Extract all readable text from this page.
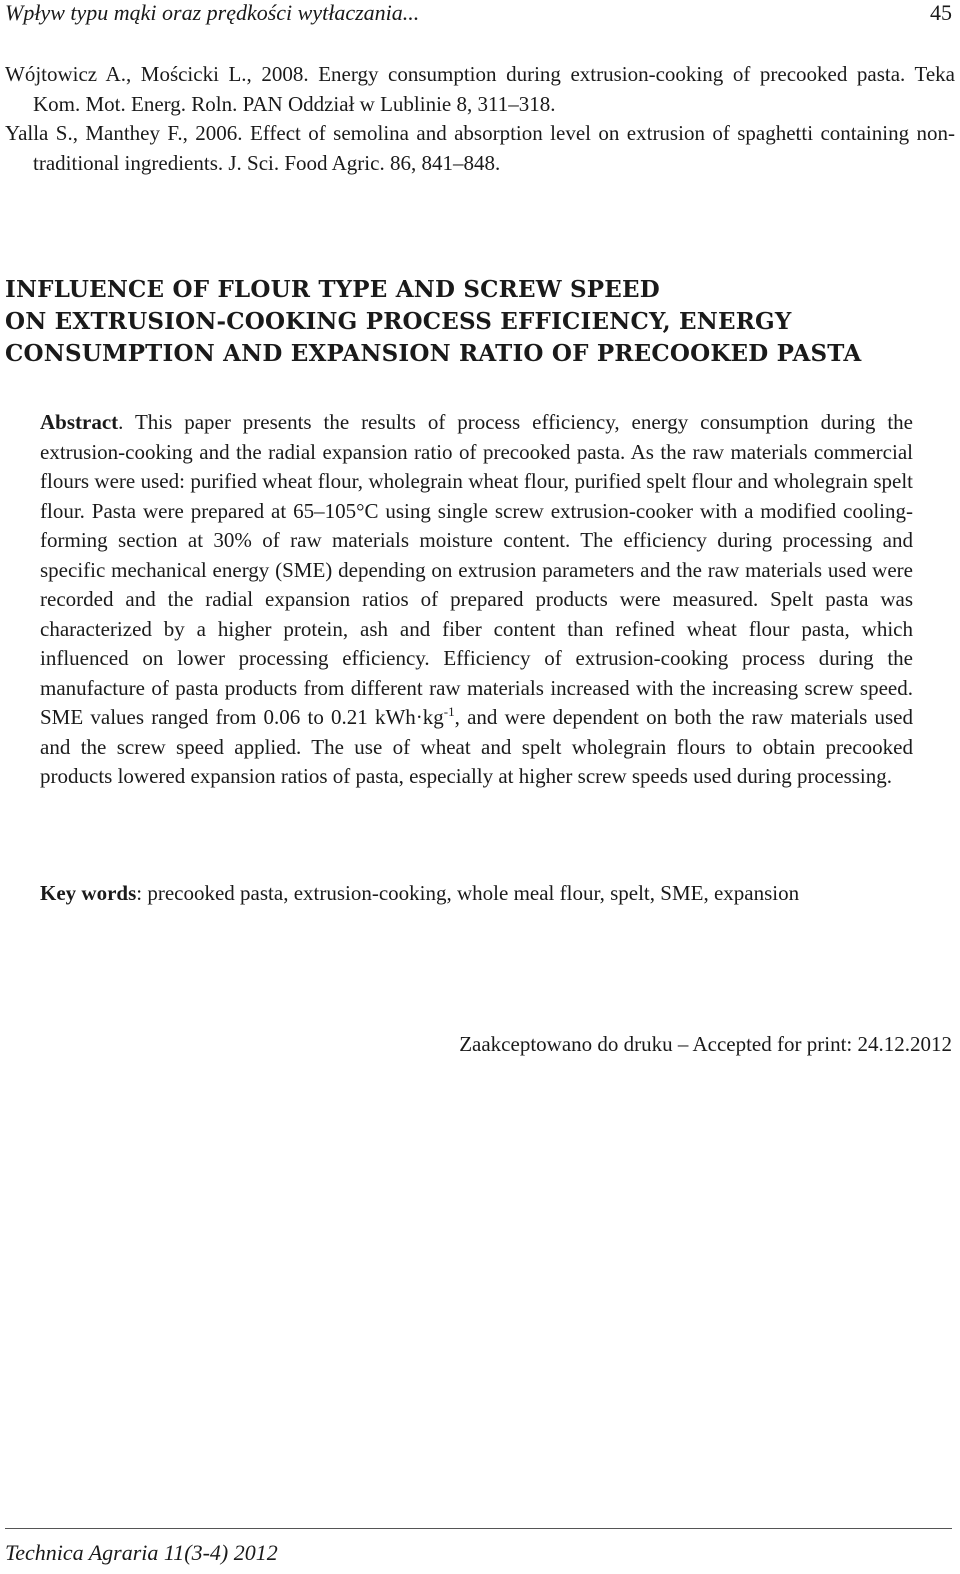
Wpływ typu mąki oraz prędkości wytłaczania...	45
Wójtowicz A., Mościcki L., 2008. Energy consumption during extrusion-cooking of precooked pasta. Teka Kom. Mot. Energ. Roln. PAN Oddział w Lublinie 8, 311–318.
Yalla S., Manthey F., 2006. Effect of semolina and absorption level on extrusion of spaghetti containing non-traditional ingredients. J. Sci. Food Agric. 86, 841–848.
INFLUENCE OF FLOUR TYPE AND SCREW SPEED
ON EXTRUSION-COOKING PROCESS EFFICIENCY, ENERGY
CONSUMPTION AND EXPANSION RATIO OF PRECOOKED PASTA

Abstract. This paper presents the results of process efficiency, energy consumption during the extrusion-cooking and the radial expansion ratio of precooked pasta. As the raw materials commercial flours were used: purified wheat flour, wholegrain wheat flour, purified spelt flour and wholegrain spelt flour. Pasta were prepared at 65–105°C using single screw extrusion-cooker with a modified cooling-forming section at 30% of raw materials moisture content. The efficiency during processing and specific mechanical energy (SME) depending on extrusion parameters and the raw materials used were recorded and the radial expansion ratios of prepared products were measured. Spelt pasta was characterized by a higher protein, ash and fiber content than refined wheat flour pasta, which influenced on lower processing efficiency. Efficiency of extrusion-cooking process during the manufacture of pasta products from different raw materials increased with the increasing screw speed. SME values ranged from 0.06 to 0.21 $kWh\cdot kg^{-1}$, and were dependent on both the raw materials used and the screw speed applied. The use of wheat and spelt wholegrain flours to obtain precooked products lowered expansion ratios of pasta, especially at higher screw speeds used during processing.

Key words: precooked pasta, extrusion-cooking, whole meal flour, spelt, SME, expansion
Zaakceptowano do druku – Accepted for print: 24.12.2012
Technica Agraria 11(3-4) 2012
